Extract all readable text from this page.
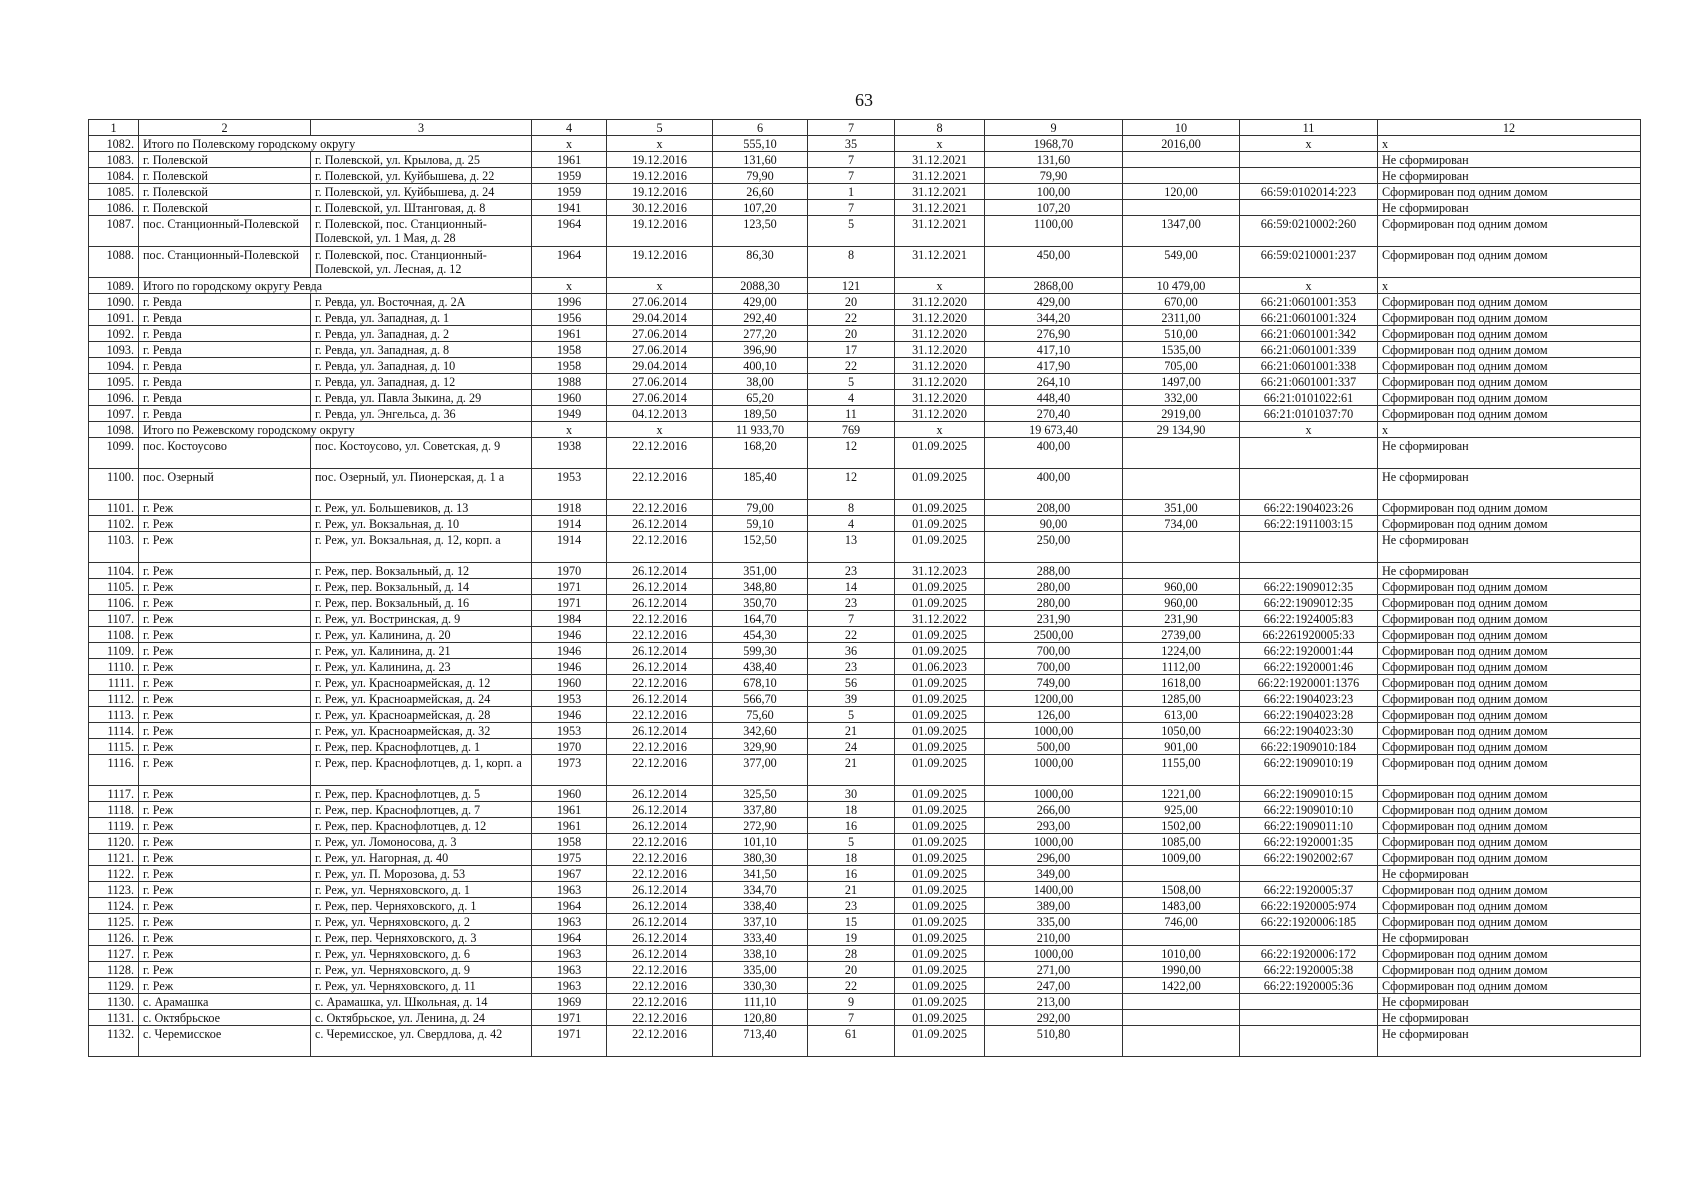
63
1	2	3	4	5	6	7	8	9	10	11	12
1082.	Итого по Полевскому городскому округу		x	x	555,10	35	x	1968,70	2016,00	x	x
1083.	г. Полевской	г. Полевской, ул. Крылова, д. 25	1961	19.12.2016	131,60	7	31.12.2021	131,60			Не сформирован
1084.	г. Полевской	г. Полевской, ул. Куйбышева, д. 22	1959	19.12.2016	79,90	7	31.12.2021	79,90			Не сформирован
1085.	г. Полевской	г. Полевской, ул. Куйбышева, д. 24	1959	19.12.2016	26,60	1	31.12.2021	100,00	120,00	66:59:0102014:223	Сформирован под одним домом
1086.	г. Полевской	г. Полевской, ул. Штанговая, д. 8	1941	30.12.2016	107,20	7	31.12.2021	107,20			Не сформирован
1087.	пос. Станционный-Полевской	г. Полевской, пос. Станционный-Полевской, ул. 1 Мая, д. 28	1964	19.12.2016	123,50	5	31.12.2021	1100,00	1347,00	66:59:0210002:260	Сформирован под одним домом
1088.	пос. Станционный-Полевской	г. Полевской, пос. Станционный-Полевской, ул. Лесная, д. 12	1964	19.12.2016	86,30	8	31.12.2021	450,00	549,00	66:59:0210001:237	Сформирован под одним домом
1089.	Итого по городскому округу Ревда		x	x	2088,30	121	x	2868,00	10 479,00	x	x
1090.	г. Ревда	г. Ревда, ул. Восточная, д. 2А	1996	27.06.2014	429,00	20	31.12.2020	429,00	670,00	66:21:0601001:353	Сформирован под одним домом
1091.	г. Ревда	г. Ревда, ул. Западная, д. 1	1956	29.04.2014	292,40	22	31.12.2020	344,20	2311,00	66:21:0601001:324	Сформирован под одним домом
1092.	г. Ревда	г. Ревда, ул. Западная, д. 2	1961	27.06.2014	277,20	20	31.12.2020	276,90	510,00	66:21:0601001:342	Сформирован под одним домом
1093.	г. Ревда	г. Ревда, ул. Западная, д. 8	1958	27.06.2014	396,90	17	31.12.2020	417,10	1535,00	66:21:0601001:339	Сформирован под одним домом
1094.	г. Ревда	г. Ревда, ул. Западная, д. 10	1958	29.04.2014	400,10	22	31.12.2020	417,90	705,00	66:21:0601001:338	Сформирован под одним домом
1095.	г. Ревда	г. Ревда, ул. Западная, д. 12	1988	27.06.2014	38,00	5	31.12.2020	264,10	1497,00	66:21:0601001:337	Сформирован под одним домом
1096.	г. Ревда	г. Ревда, ул. Павла Зыкина, д. 29	1960	27.06.2014	65,20	4	31.12.2020	448,40	332,00	66:21:0101022:61	Сформирован под одним домом
1097.	г. Ревда	г. Ревда, ул. Энгельса, д. 36	1949	04.12.2013	189,50	11	31.12.2020	270,40	2919,00	66:21:0101037:70	Сформирован под одним домом
1098.	Итого по Режевскому городскому округу		x	x	11 933,70	769	x	19 673,40	29 134,90	x	x
1099.	пос. Костоусово	пос. Костоусово, ул. Советская, д. 9	1938	22.12.2016	168,20	12	01.09.2025	400,00			Не сформирован
1100.	пос. Озерный	пос. Озерный, ул. Пионерская, д. 1 а	1953	22.12.2016	185,40	12	01.09.2025	400,00			Не сформирован
1101.	г. Реж	г. Реж, ул. Большевиков, д. 13	1918	22.12.2016	79,00	8	01.09.2025	208,00	351,00	66:22:1904023:26	Сформирован под одним домом
1102.	г. Реж	г. Реж, ул. Вокзальная, д. 10	1914	26.12.2014	59,10	4	01.09.2025	90,00	734,00	66:22:1911003:15	Сформирован под одним домом
1103.	г. Реж	г. Реж, ул. Вокзальная, д. 12, корп. а	1914	22.12.2016	152,50	13	01.09.2025	250,00			Не сформирован
1104.	г. Реж	г. Реж, пер. Вокзальный, д. 12	1970	26.12.2014	351,00	23	31.12.2023	288,00			Не сформирован
1105.	г. Реж	г. Реж, пер. Вокзальный, д. 14	1971	26.12.2014	348,80	14	01.09.2025	280,00	960,00	66:22:1909012:35	Сформирован под одним домом
1106.	г. Реж	г. Реж, пер. Вокзальный, д. 16	1971	26.12.2014	350,70	23	01.09.2025	280,00	960,00	66:22:1909012:35	Сформирован под одним домом
1107.	г. Реж	г. Реж, ул. Востринская, д. 9	1984	22.12.2016	164,70	7	31.12.2022	231,90	231,90	66:22:1924005:83	Сформирован под одним домом
1108.	г. Реж	г. Реж, ул. Калинина, д. 20	1946	22.12.2016	454,30	22	01.09.2025	2500,00	2739,00	66:2261920005:33	Сформирован под одним домом
1109.	г. Реж	г. Реж, ул. Калинина, д. 21	1946	26.12.2014	599,30	36	01.09.2025	700,00	1224,00	66:22:1920001:44	Сформирован под одним домом
1110.	г. Реж	г. Реж, ул. Калинина, д. 23	1946	26.12.2014	438,40	23	01.06.2023	700,00	1112,00	66:22:1920001:46	Сформирован под одним домом
1111.	г. Реж	г. Реж, ул. Красноармейская, д. 12	1960	22.12.2016	678,10	56	01.09.2025	749,00	1618,00	66:22:1920001:1376	Сформирован под одним домом
1112.	г. Реж	г. Реж, ул. Красноармейская, д. 24	1953	26.12.2014	566,70	39	01.09.2025	1200,00	1285,00	66:22:1904023:23	Сформирован под одним домом
1113.	г. Реж	г. Реж, ул. Красноармейская, д. 28	1946	22.12.2016	75,60	5	01.09.2025	126,00	613,00	66:22:1904023:28	Сформирован под одним домом
1114.	г. Реж	г. Реж, ул. Красноармейская, д. 32	1953	26.12.2014	342,60	21	01.09.2025	1000,00	1050,00	66:22:1904023:30	Сформирован под одним домом
1115.	г. Реж	г. Реж, пер. Краснофлотцев, д. 1	1970	22.12.2016	329,90	24	01.09.2025	500,00	901,00	66:22:1909010:184	Сформирован под одним домом
1116.	г. Реж	г. Реж, пер. Краснофлотцев, д. 1, корп. а	1973	22.12.2016	377,00	21	01.09.2025	1000,00	1155,00	66:22:1909010:19	Сформирован под одним домом
1117.	г. Реж	г. Реж, пер. Краснофлотцев, д. 5	1960	26.12.2014	325,50	30	01.09.2025	1000,00	1221,00	66:22:1909010:15	Сформирован под одним домом
1118.	г. Реж	г. Реж, пер. Краснофлотцев, д. 7	1961	26.12.2014	337,80	18	01.09.2025	266,00	925,00	66:22:1909010:10	Сформирован под одним домом
1119.	г. Реж	г. Реж, пер. Краснофлотцев, д. 12	1961	26.12.2014	272,90	16	01.09.2025	293,00	1502,00	66:22:1909011:10	Сформирован под одним домом
1120.	г. Реж	г. Реж, ул. Ломоносова, д. 3	1958	22.12.2016	101,10	5	01.09.2025	1000,00	1085,00	66:22:1920001:35	Сформирован под одним домом
1121.	г. Реж	г. Реж, ул. Нагорная, д. 40	1975	22.12.2016	380,30	18	01.09.2025	296,00	1009,00	66:22:1902002:67	Сформирован под одним домом
1122.	г. Реж	г. Реж, ул. П. Морозова, д. 53	1967	22.12.2016	341,50	16	01.09.2025	349,00			Не сформирован
1123.	г. Реж	г. Реж, ул. Черняховского, д. 1	1963	26.12.2014	334,70	21	01.09.2025	1400,00	1508,00	66:22:1920005:37	Сформирован под одним домом
1124.	г. Реж	г. Реж, пер. Черняховского, д. 1	1964	26.12.2014	338,40	23	01.09.2025	389,00	1483,00	66:22:1920005:974	Сформирован под одним домом
1125.	г. Реж	г. Реж, ул. Черняховского, д. 2	1963	26.12.2014	337,10	15	01.09.2025	335,00	746,00	66:22:1920006:185	Сформирован под одним домом
1126.	г. Реж	г. Реж, пер. Черняховского, д. 3	1964	26.12.2014	333,40	19	01.09.2025	210,00			Не сформирован
1127.	г. Реж	г. Реж, ул. Черняховского, д. 6	1963	26.12.2014	338,10	28	01.09.2025	1000,00	1010,00	66:22:1920006:172	Сформирован под одним домом
1128.	г. Реж	г. Реж, ул. Черняховского, д. 9	1963	22.12.2016	335,00	20	01.09.2025	271,00	1990,00	66:22:1920005:38	Сформирован под одним домом
1129.	г. Реж	г. Реж, ул. Черняховского, д. 11	1963	22.12.2016	330,30	22	01.09.2025	247,00	1422,00	66:22:1920005:36	Сформирован под одним домом
1130.	с. Арамашка	с. Арамашка, ул. Школьная, д. 14	1969	22.12.2016	111,10	9	01.09.2025	213,00			Не сформирован
1131.	с. Октябрьское	с. Октябрьское, ул. Ленина, д. 24	1971	22.12.2016	120,80	7	01.09.2025	292,00			Не сформирован
1132.	с. Черемисское	с. Черемисское, ул. Свердлова, д. 42	1971	22.12.2016	713,40	61	01.09.2025	510,80			Не сформирован
